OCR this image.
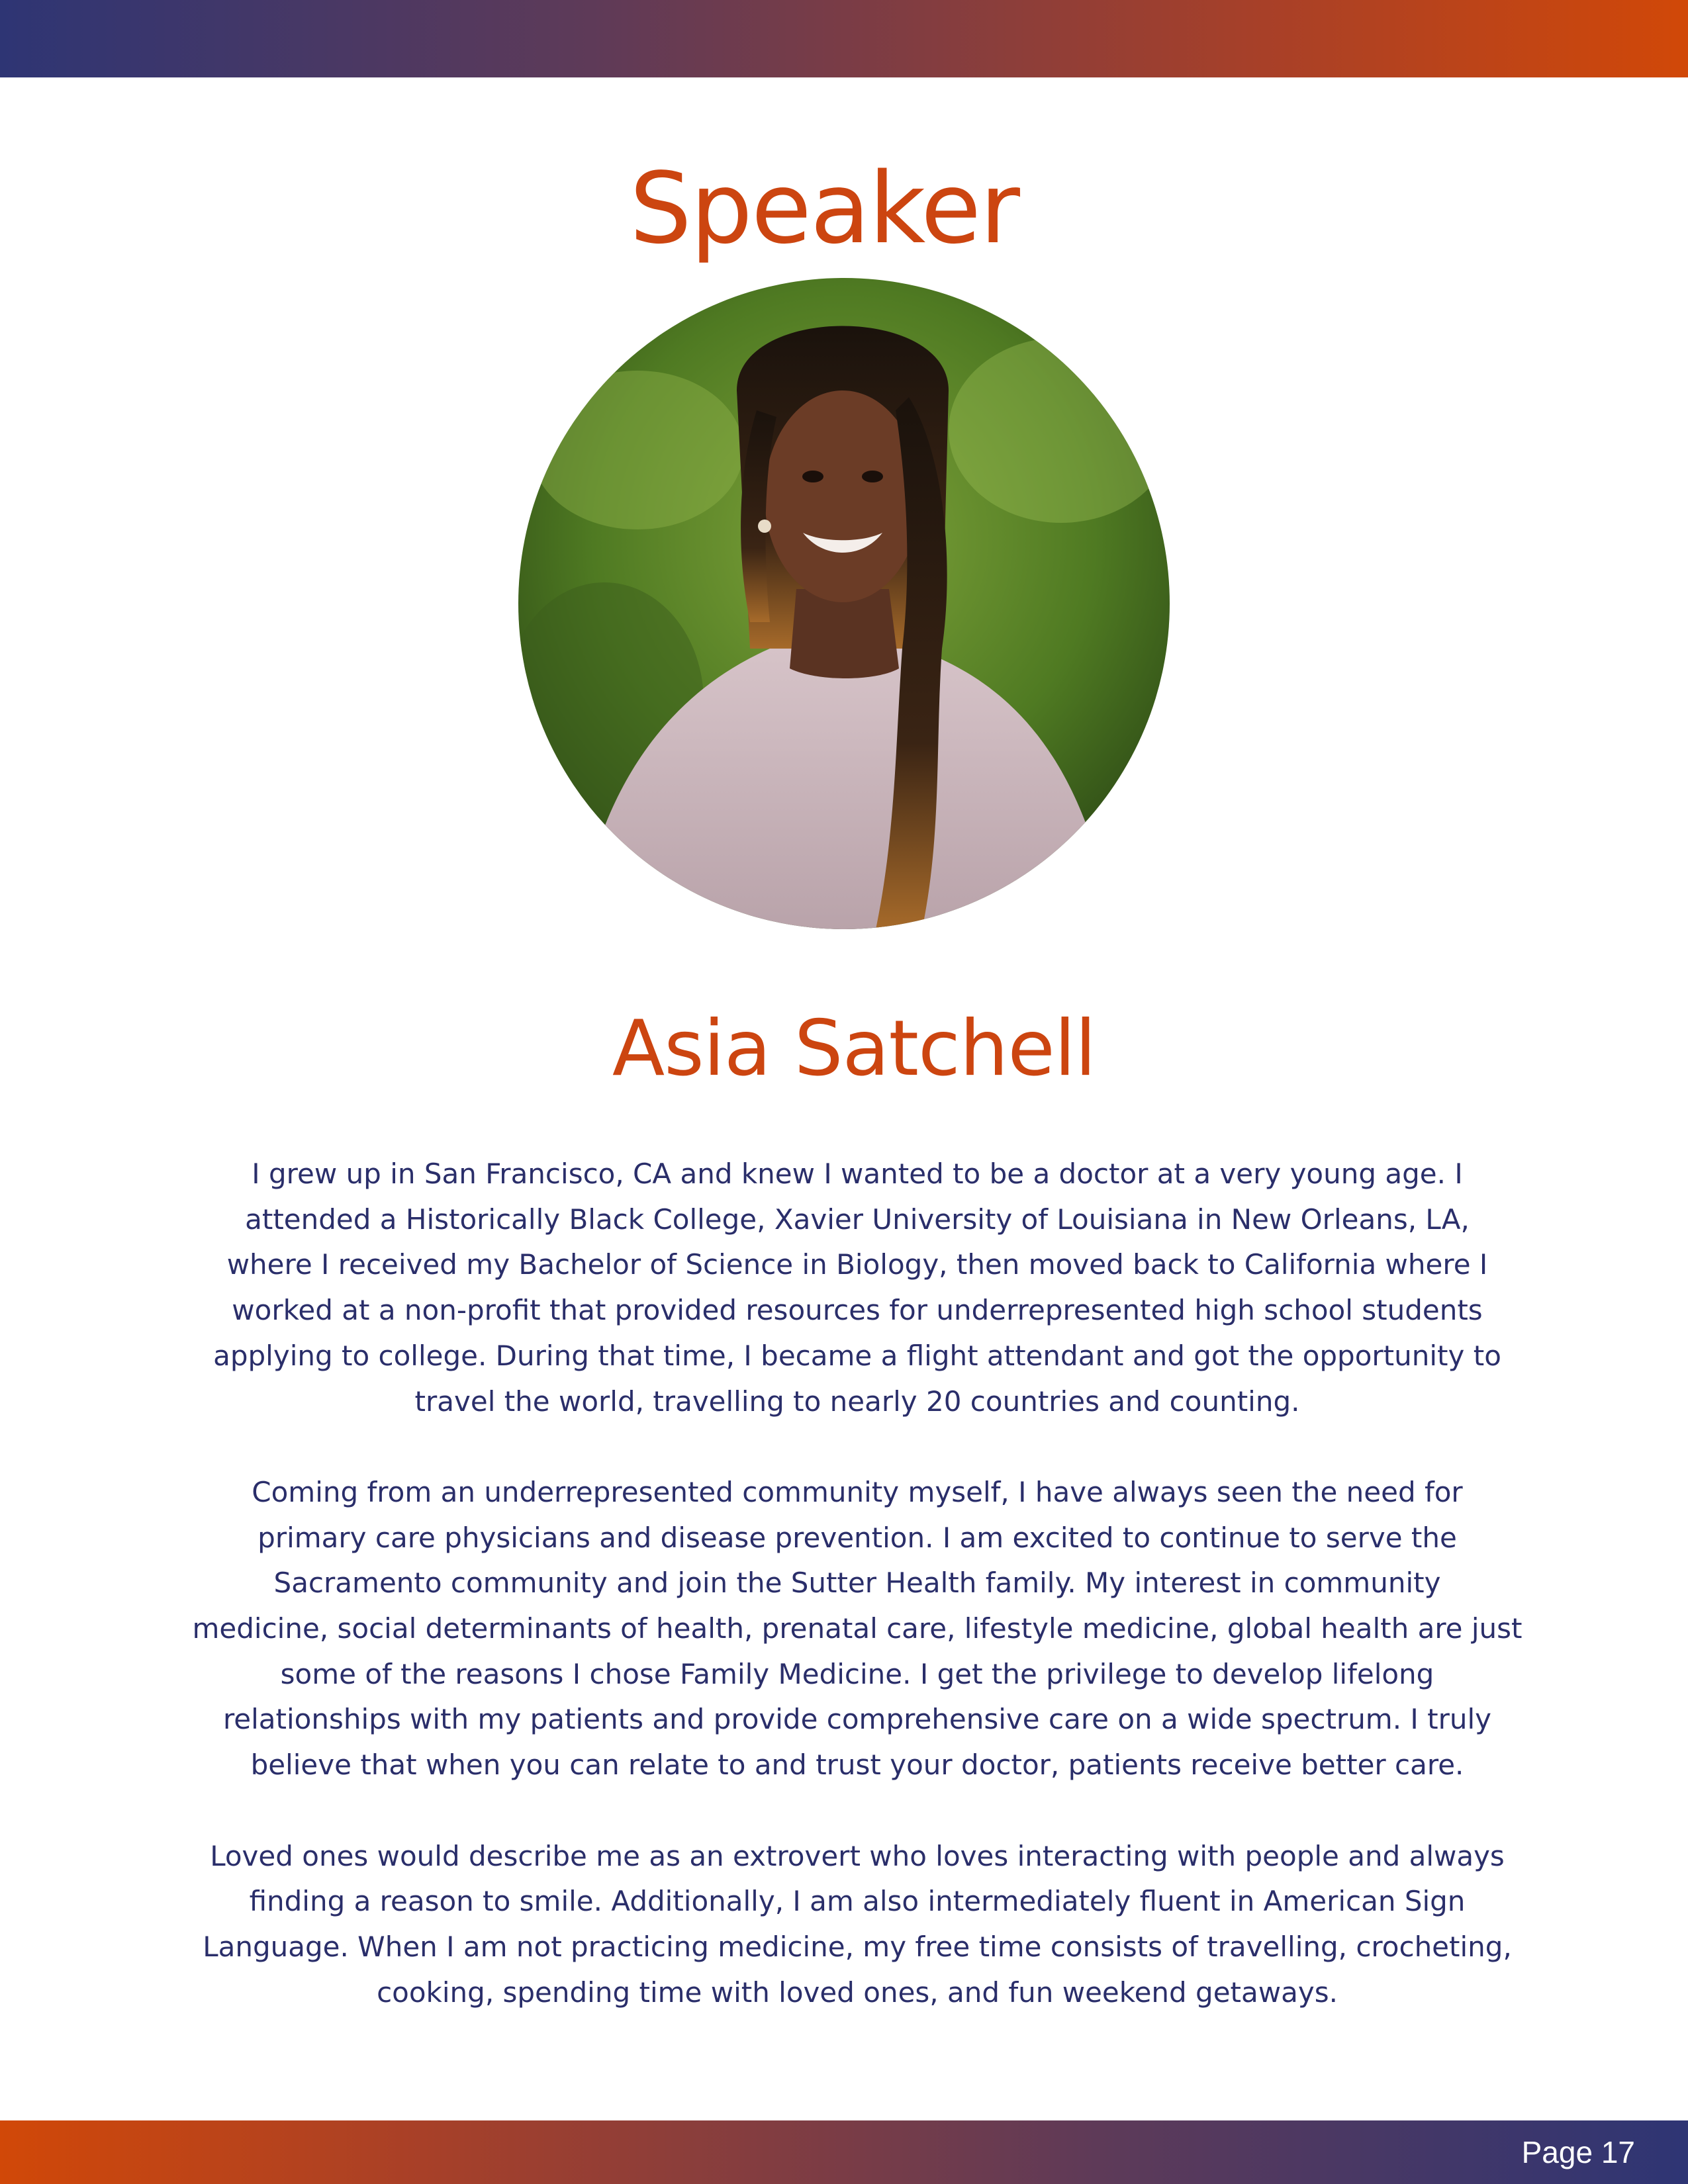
Speaker
Asia Satchell

I grew up in San Francisco, CA and knew I wanted to be a doctor at a very young age. I
attended a Historically Black College, Xavier University of Louisiana in New Orleans, LA,
where I received my Bachelor of Science in Biology, then moved back to California where I
worked at a non-profit that provided resources for underrepresented high school students
applying to college. During that time, I became a flight attendant and got the opportunity to
travel the world, travelling to nearly 20 countries and counting.

Coming from an underrepresented community myself, I have always seen the need for
primary care physicians and disease prevention. I am excited to continue to serve the
Sacramento community and join the Sutter Health family. My interest in community
medicine, social determinants of health, prenatal care, lifestyle medicine, global health are just
some of the reasons I chose Family Medicine. I get the privilege to develop lifelong
relationships with my patients and provide comprehensive care on a wide spectrum. I truly
believe that when you can relate to and trust your doctor, patients receive better care.

Loved ones would describe me as an extrovert who loves interacting with people and always
finding a reason to smile. Additionally, I am also intermediately fluent in American Sign
Language. When I am not practicing medicine, my free time consists of travelling, crocheting,
cooking, spending time with loved ones, and fun weekend getaways.

Page 17
